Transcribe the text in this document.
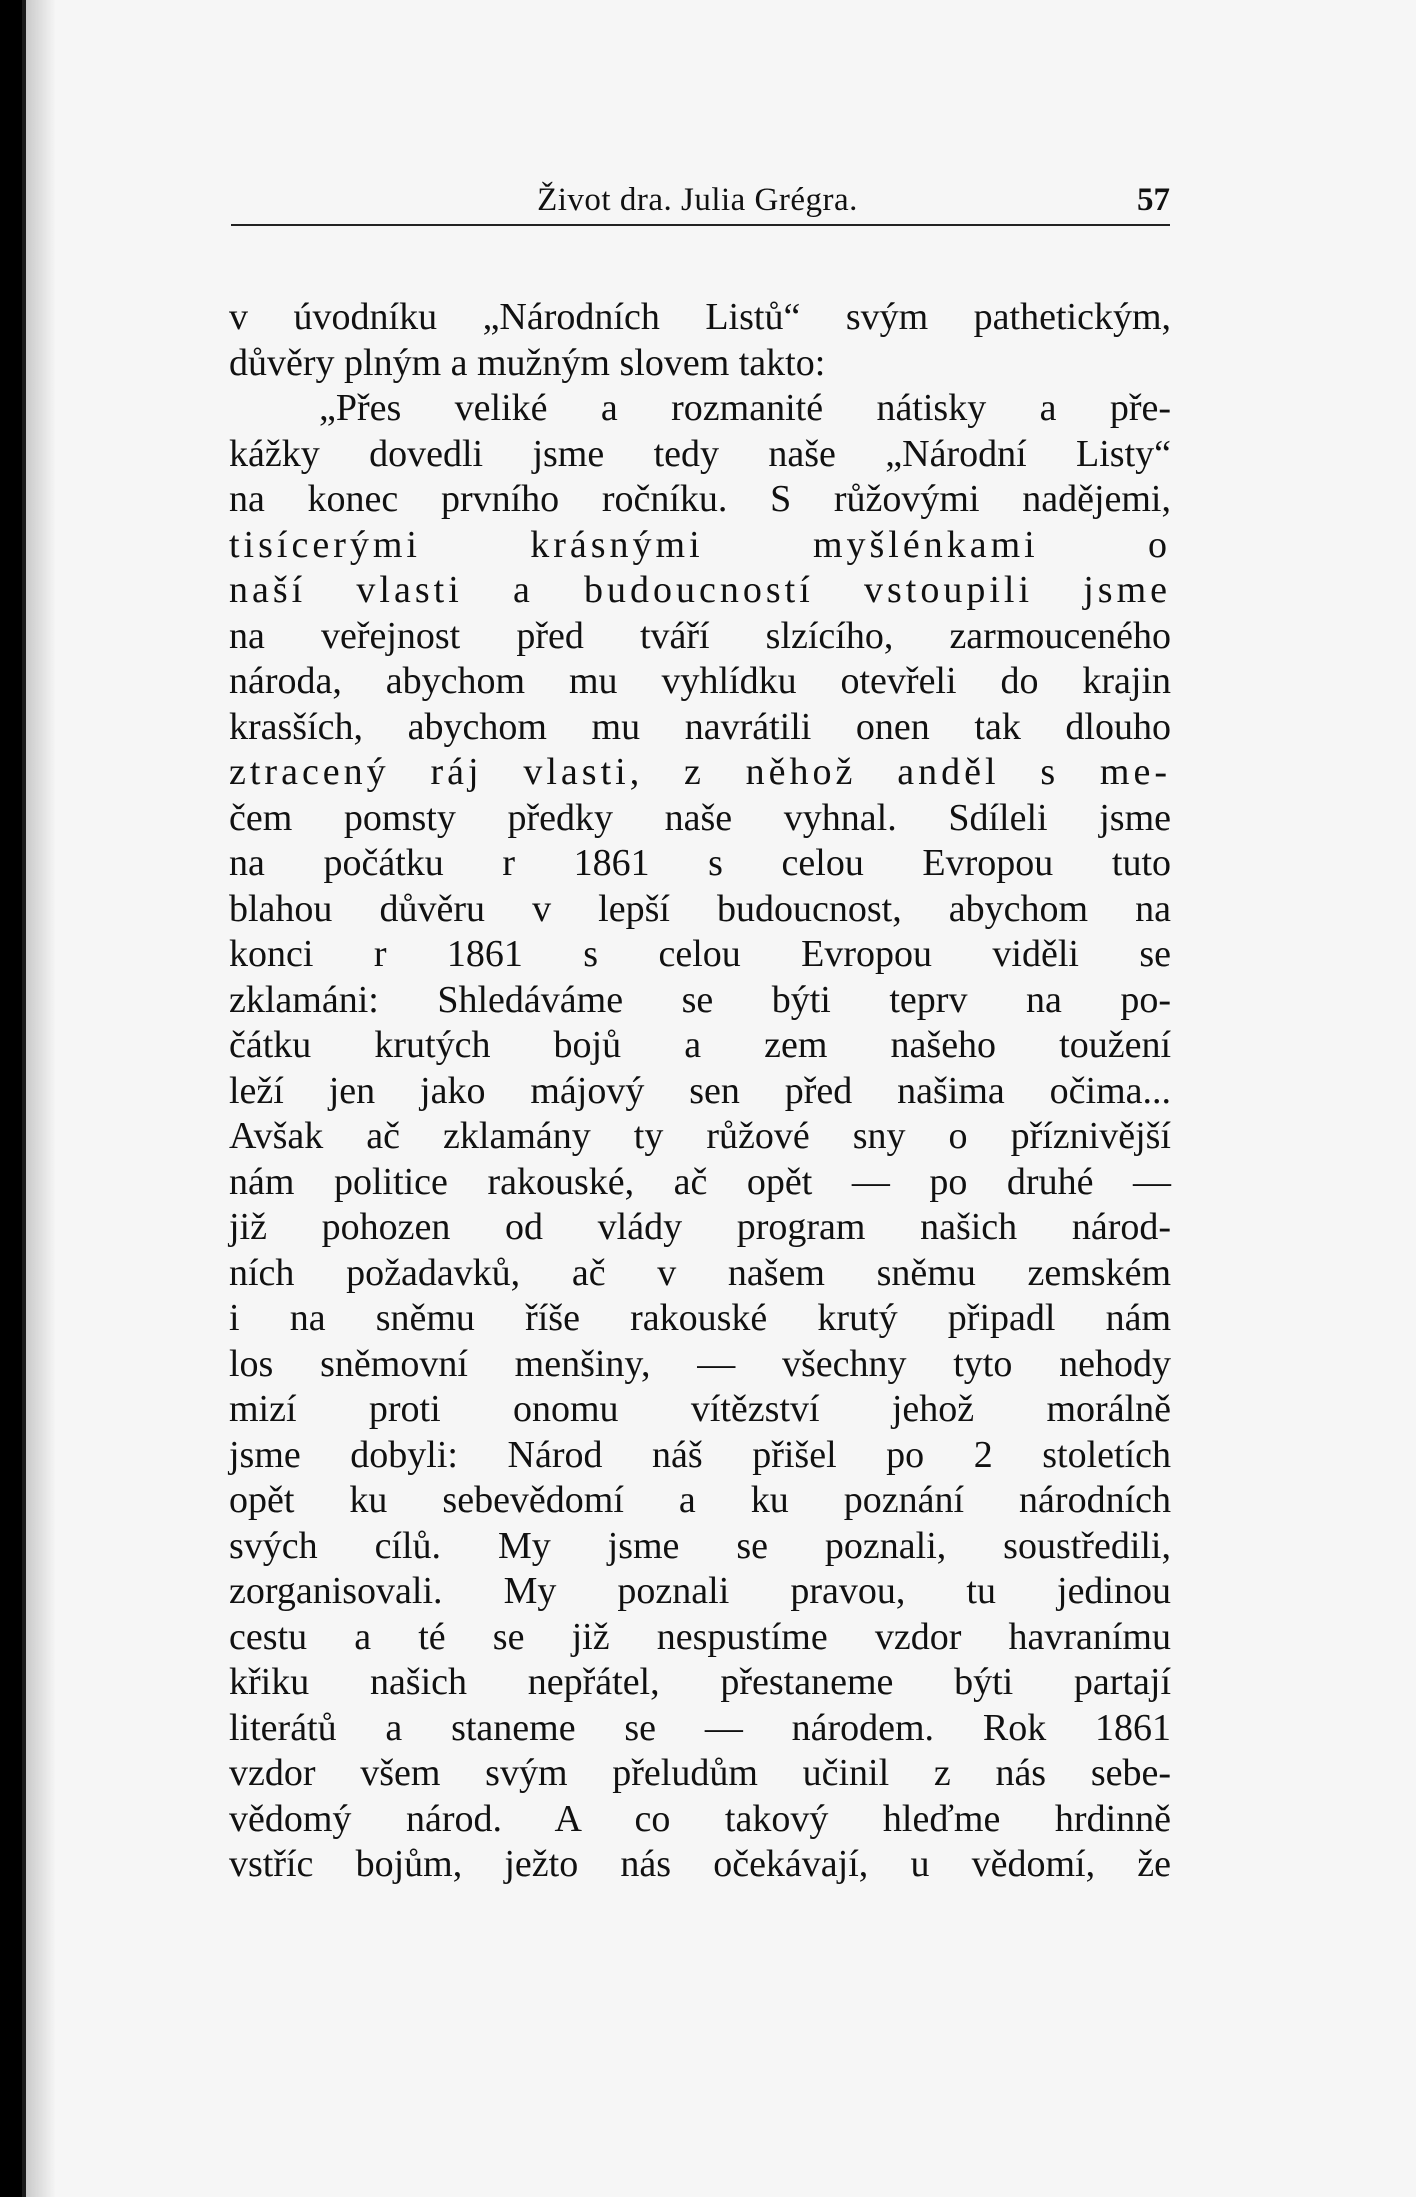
Život dra. Julia Grégra.	57
v úvodníku „Národních Listů“ svým pathetickým,
důvěry plným a mužným slovem takto:
„Přes veliké a rozmanité nátisky a pře-
kážky dovedli jsme tedy naše „Národní Listy“
na konec prvního ročníku. S růžovými nadějemi,
tisícerými krásnými myšlénkami o
naší vlasti a budoucností vstoupili jsme
na veřejnost před tváří slzícího, zarmouceného
národa, abychom mu vyhlídku otevřeli do krajin
krasších, abychom mu navrátili onen tak dlouho
ztracený ráj vlasti, z něhož anděl s me-
čem pomsty předky naše vyhnal. Sdíleli jsme
na počátku r 1861 s celou Evropou tuto
blahou důvěru v lepší budoucnost, abychom na
konci r 1861 s celou Evropou viděli se
zklamáni: Shledáváme se býti teprv na po-
čátku krutých bojů a zem našeho toužení
leží jen jako májový sen před našima očima...
Avšak ač zklamány ty růžové sny o příznivější
nám politice rakouské, ač opět — po druhé —
již pohozen od vlády program našich národ-
ních požadavků, ač v našem sněmu zemském
i na sněmu říše rakouské krutý připadl nám
los sněmovní menšiny, — všechny tyto nehody
mizí proti onomu vítězství jehož morálně
jsme dobyli: Národ náš přišel po 2 stoletích
opět ku sebevědomí a ku poznání národních
svých cílů. My jsme se poznali, soustředili,
zorganisovali. My poznali pravou, tu jedinou
cestu a té se již nespustíme vzdor havranímu
křiku našich nepřátel, přestaneme býti partají
literátů a staneme se — národem. Rok 1861
vzdor všem svým přeludům učinil z nás sebe-
vědomý národ. A co takový hleďme hrdinně
vstříc bojům, ježto nás očekávají, u vědomí, že
